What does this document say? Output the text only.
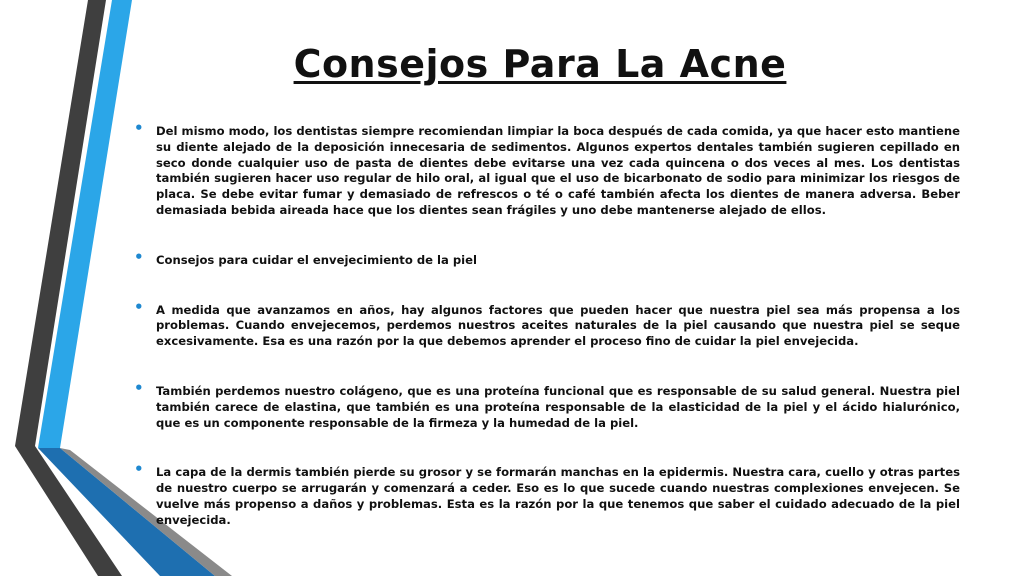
Consejos Para La Acne
• Del mismo modo, los dentistas siempre recomiendan limpiar la boca después de cada comida, ya que hacer esto mantiene su diente alejado de la deposición innecesaria de sedimentos. Algunos expertos dentales también sugieren cepillado en seco donde cualquier uso de pasta de dientes debe evitarse una vez cada quincena o dos veces al mes. Los dentistas también sugieren hacer uso regular de hilo oral, al igual que el uso de bicarbonato de sodio para minimizar los riesgos de placa. Se debe evitar fumar y demasiado de refrescos o té o café también afecta los dientes de manera adversa. Beber demasiada bebida aireada hace que los dientes sean frágiles y uno debe mantenerse alejado de ellos.
• Consejos para cuidar el envejecimiento de la piel
• A medida que avanzamos en años, hay algunos factores que pueden hacer que nuestra piel sea más propensa a los problemas. Cuando envejecemos, perdemos nuestros aceites naturales de la piel causando que nuestra piel se seque excesivamente. Esa es una razón por la que debemos aprender el proceso fino de cuidar la piel envejecida.
• También perdemos nuestro colágeno, que es una proteína funcional que es responsable de su salud general. Nuestra piel también carece de elastina, que también es una proteína responsable de la elasticidad de la piel y el ácido hialurónico, que es un componente responsable de la firmeza y la humedad de la piel.
• La capa de la dermis también pierde su grosor y se formarán manchas en la epidermis. Nuestra cara, cuello y otras partes de nuestro cuerpo se arrugarán y comenzará a ceder. Eso es lo que sucede cuando nuestras complexiones envejecen. Se vuelve más propenso a daños y problemas. Esta es la razón por la que tenemos que saber el cuidado adecuado de la piel envejecida.
